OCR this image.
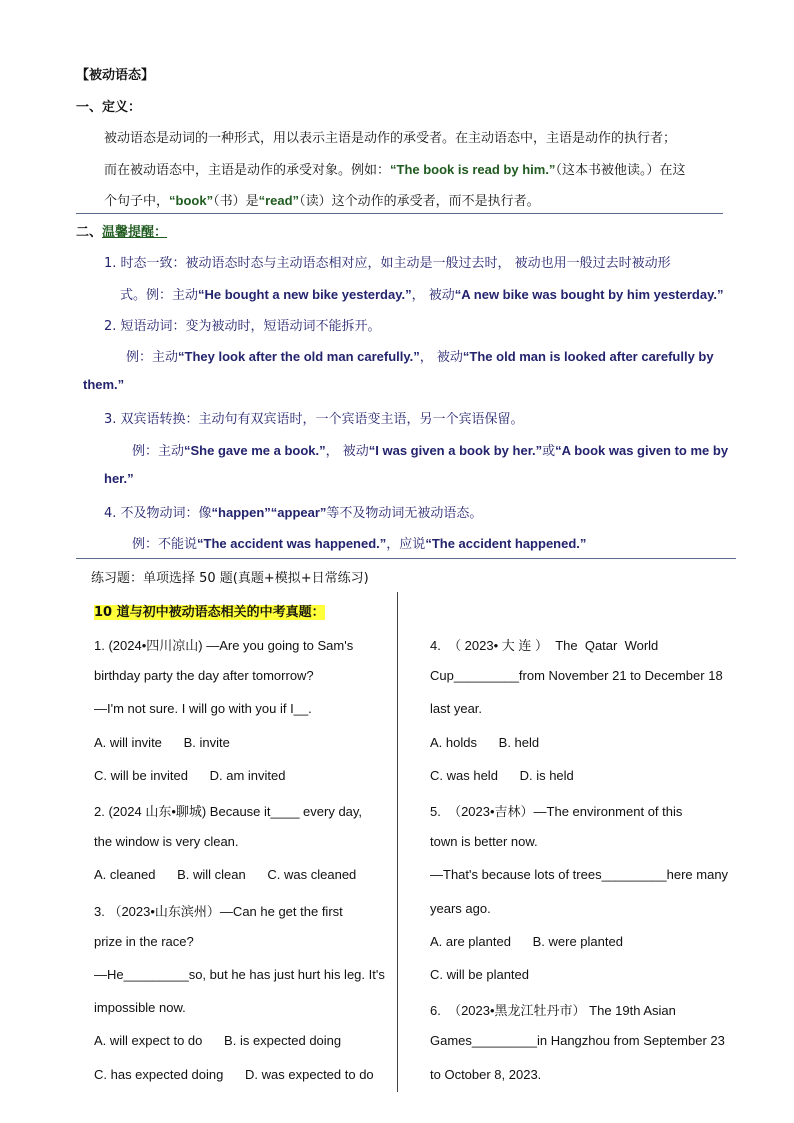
【被动语态】
一、定义：
被动语态是动词的一种形式，用以表示主语是动作的承受者。在主动语态中，主语是动作的执行者；
而在被动语态中，主语是动作的承受对象。例如：“The book is read by him.”（这本书被他读。）在这
个句子中，“book”（书）是“read”（读）这个动作的承受者，而不是执行者。
二、温馨提醒：
1. 时态一致：被动语态时态与主动语态相对应，如主动是一般过去时， 被动也用一般过去时被动形
式。例：主动“He bought a new bike yesterday.”， 被动“A new bike was bought by him yesterday.”
2. 短语动词：变为被动时，短语动词不能拆开。
例：主动“They look after the old man carefully.”， 被动“The old man is looked after carefully by
them.”
3. 双宾语转换：主动句有双宾语时，一个宾语变主语，另一个宾语保留。
例：主动“She gave me a book.”， 被动“I was given a book by her.”或“A book was given to me by
her.”
4. 不及物动词：像“happen”“appear”等不及物动词无被动语态。
例：不能说“The accident was happened.”，应说“The accident happened.”
练习题：单项选择 50 题(真题+模拟+日常练习)
10 道与初中被动语态相关的中考真题：
1. (2024•四川凉山) —Are you going to Sam's
birthday party the day after tomorrow?
—I'm not sure. I will go with you if I__.
A. will invite      B. invite
C. will be invited      D. am invited
2. (2024 山东•聊城) Because it____ every day,
the window is very clean.
A. cleaned      B. will clean      C. was cleaned
3. （2023•山东滨州）—Can he get the first
prize in the race?
—He_________so, but he has just hurt his leg. It's
impossible now.
A. will expect to do      B. is expected doing
C. has expected doing      D. was expected to do
4.  （ 2023• 大 连 ）  The  Qatar  World
Cup_________from November 21 to December 18
last year.
A. holds      B. held
C. was held      D. is held
5.  （2023•吉林）—The environment of this
town is better now.
—That's because lots of trees_________here many
years ago.
A. are planted      B. were planted
C. will be planted
6.  （2023•黑龙江牡丹市） The 19th Asian
Games_________in Hangzhou from September 23
to October 8, 2023.
